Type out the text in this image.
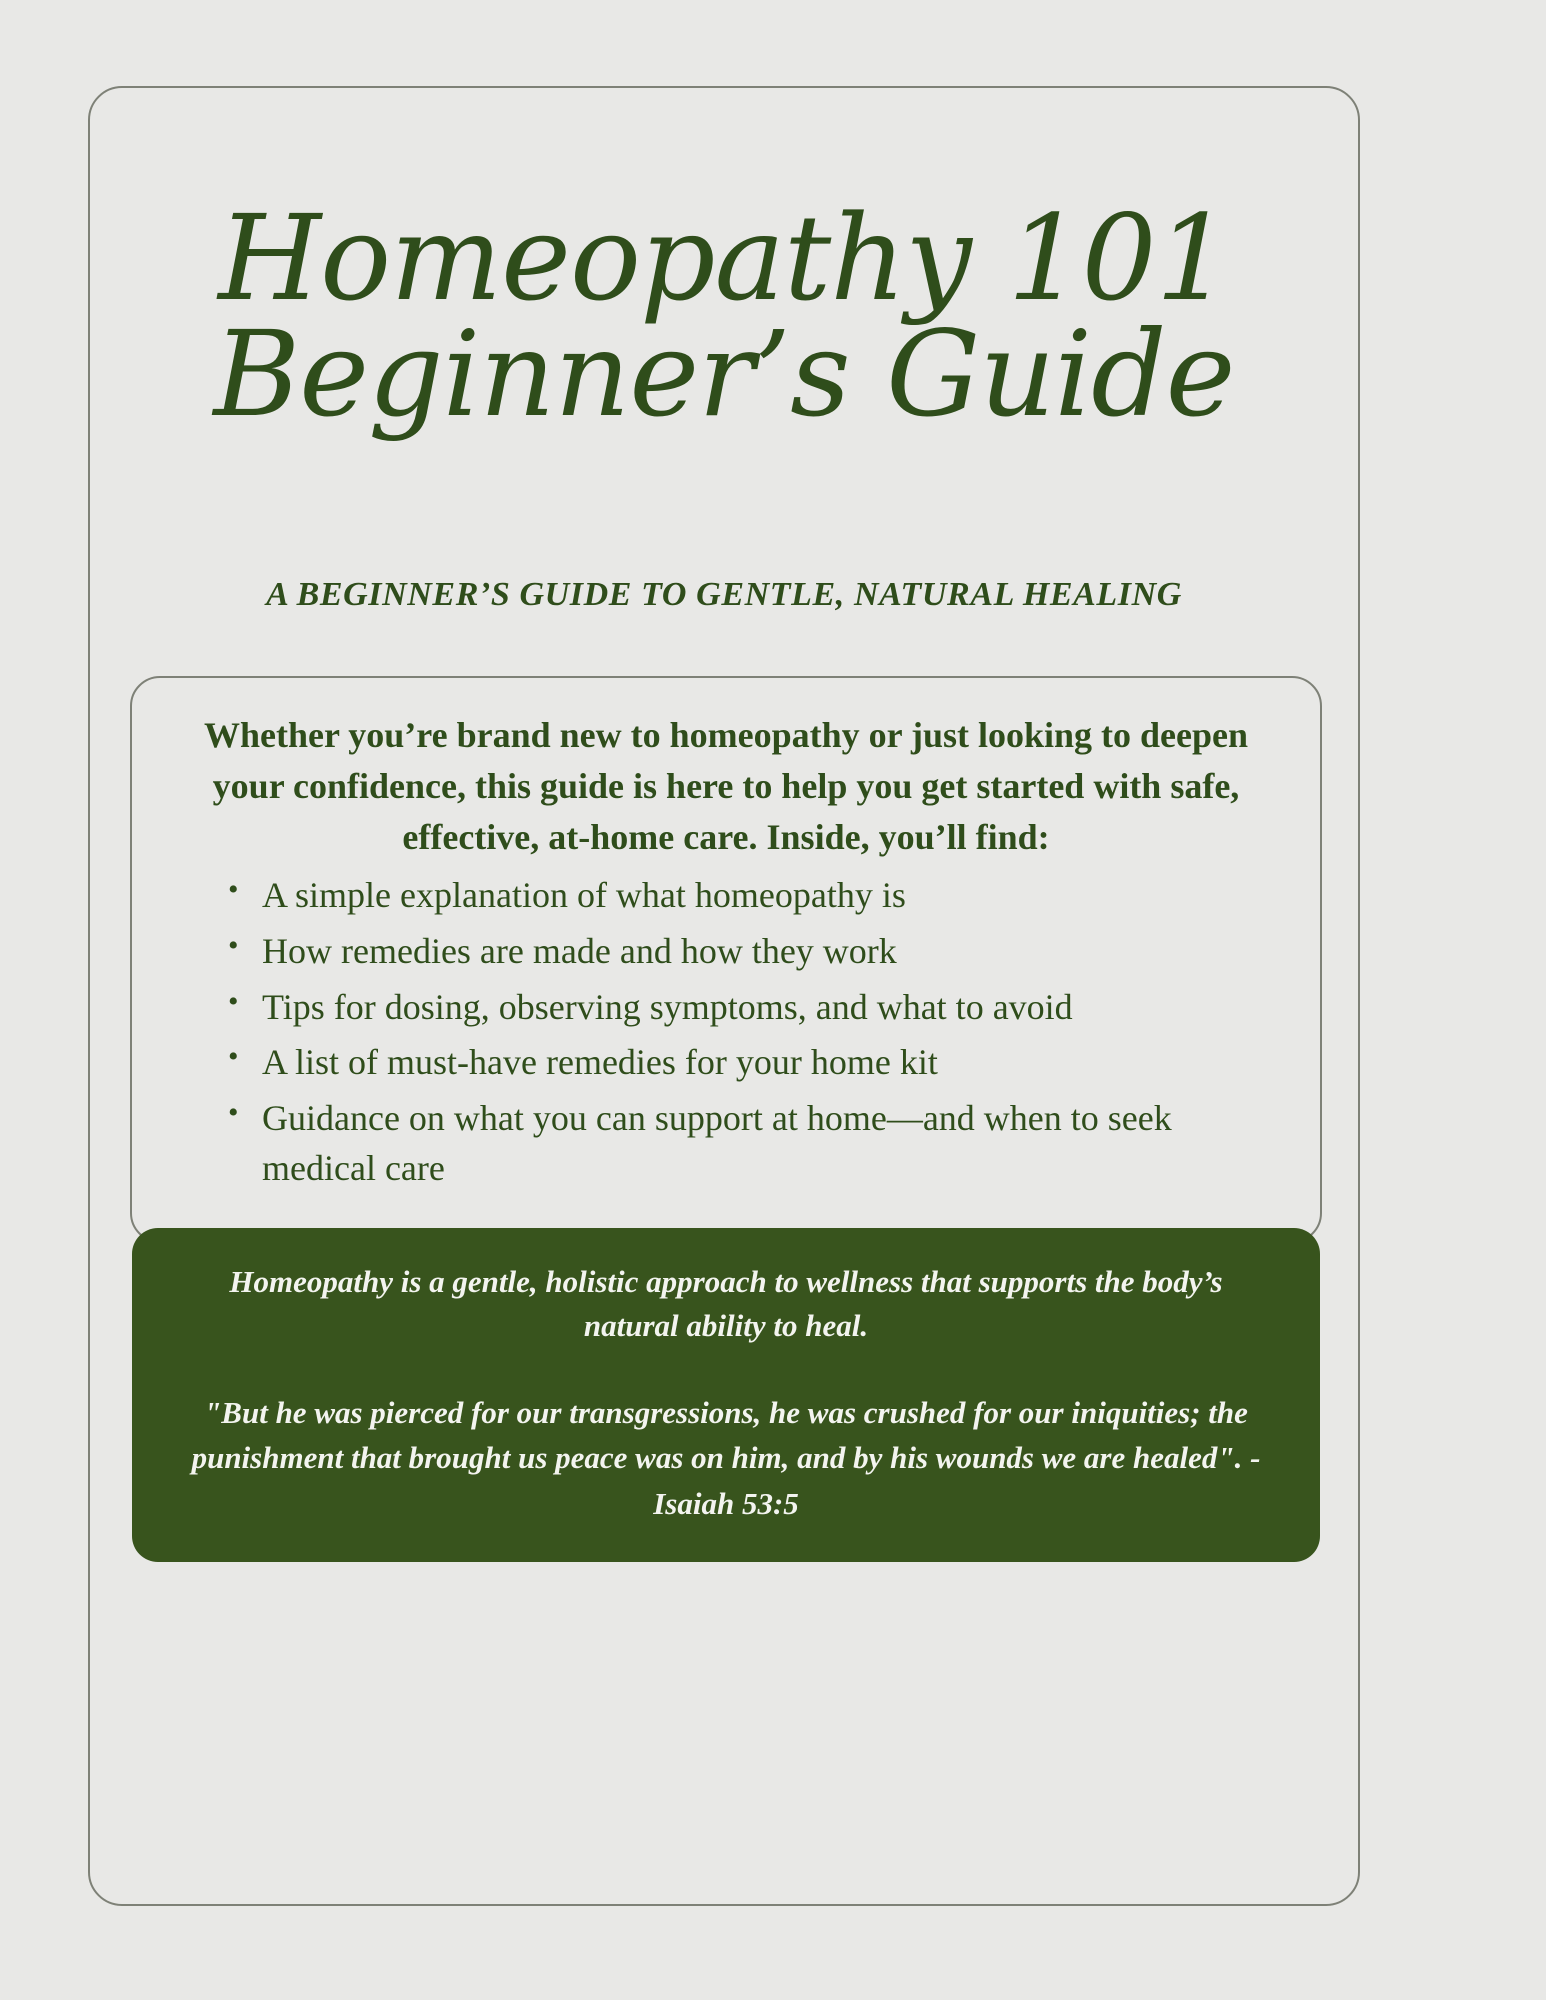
Homeopathy 101
Beginner’s Guide
A BEGINNER’S GUIDE TO GENTLE, NATURAL HEALING

Whether you’re brand new to homeopathy or just looking to deepen your confidence, this guide is here to help you get started with safe, effective, at-home care. Inside, you’ll find:

• A simple explanation of what homeopathy is
• How remedies are made and how they work
• Tips for dosing, observing symptoms, and what to avoid
• A list of must-have remedies for your home kit
• Guidance on what you can support at home—and when to seek medical care

Homeopathy is a gentle, holistic approach to wellness that supports the body’s natural ability to heal.

"But he was pierced for our transgressions, he was crushed for our iniquities; the punishment that brought us peace was on him, and by his wounds we are healed". - Isaiah 53:5
